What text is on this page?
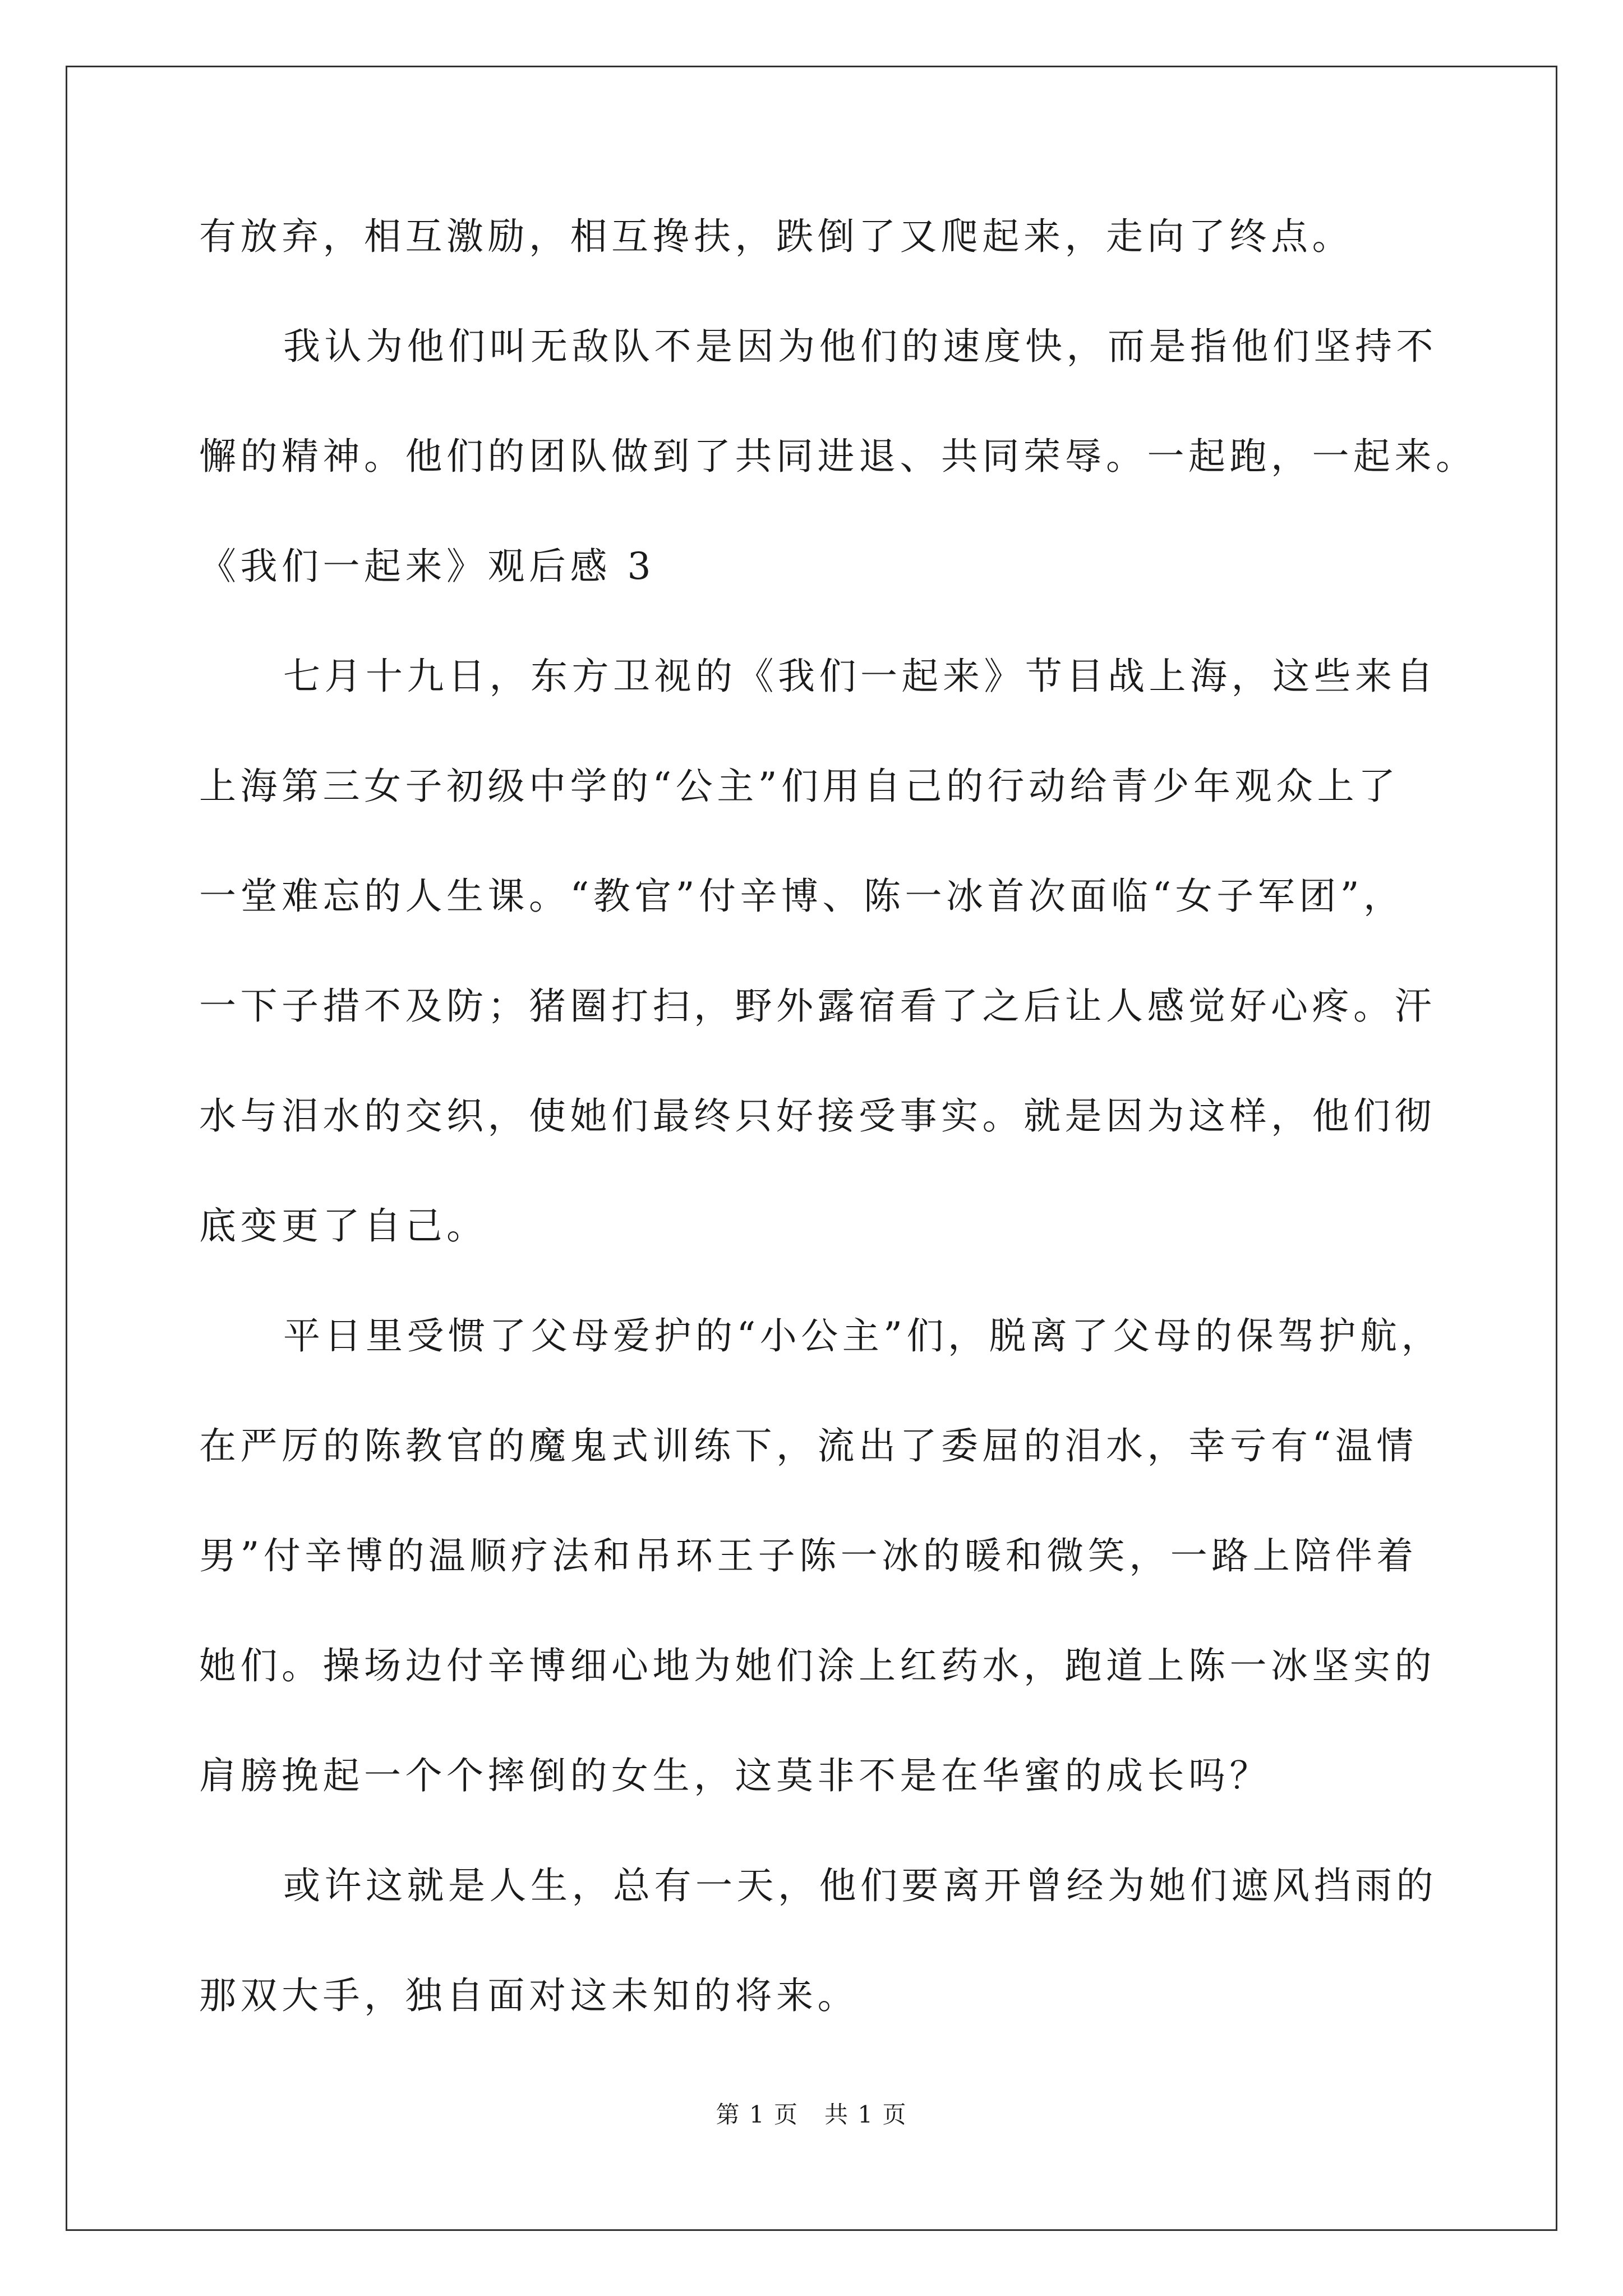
有放弃，相互激励，相互搀扶，跌倒了又爬起来，走向了终点。
我认为他们叫无敌队不是因为他们的速度快，而是指他们坚持不
懈的精神。他们的团队做到了共同进退、共同荣辱。一起跑，一起来。
《我们一起来》观后感 3
七月十九日，东方卫视的《我们一起来》节目战上海，这些来自
上海第三女子初级中学的“公主”们用自己的行动给青少年观众上了
一堂难忘的人生课。“教官”付辛博、陈一冰首次面临“女子军团”，
一下子措不及防；猪圈打扫，野外露宿看了之后让人感觉好心疼。汗
水与泪水的交织，使她们最终只好接受事实。就是因为这样，他们彻
底变更了自己。
平日里受惯了父母爱护的“小公主”们，脱离了父母的保驾护航，
在严厉的陈教官的魔鬼式训练下，流出了委屈的泪水，幸亏有“温情
男”付辛博的温顺疗法和吊环王子陈一冰的暖和微笑，一路上陪伴着
她们。操场边付辛博细心地为她们涂上红药水，跑道上陈一冰坚实的
肩膀挽起一个个摔倒的女生，这莫非不是在华蜜的成长吗？
或许这就是人生，总有一天，他们要离开曾经为她们遮风挡雨的
那双大手，独自面对这未知的将来。
第 1 页   共 1 页
